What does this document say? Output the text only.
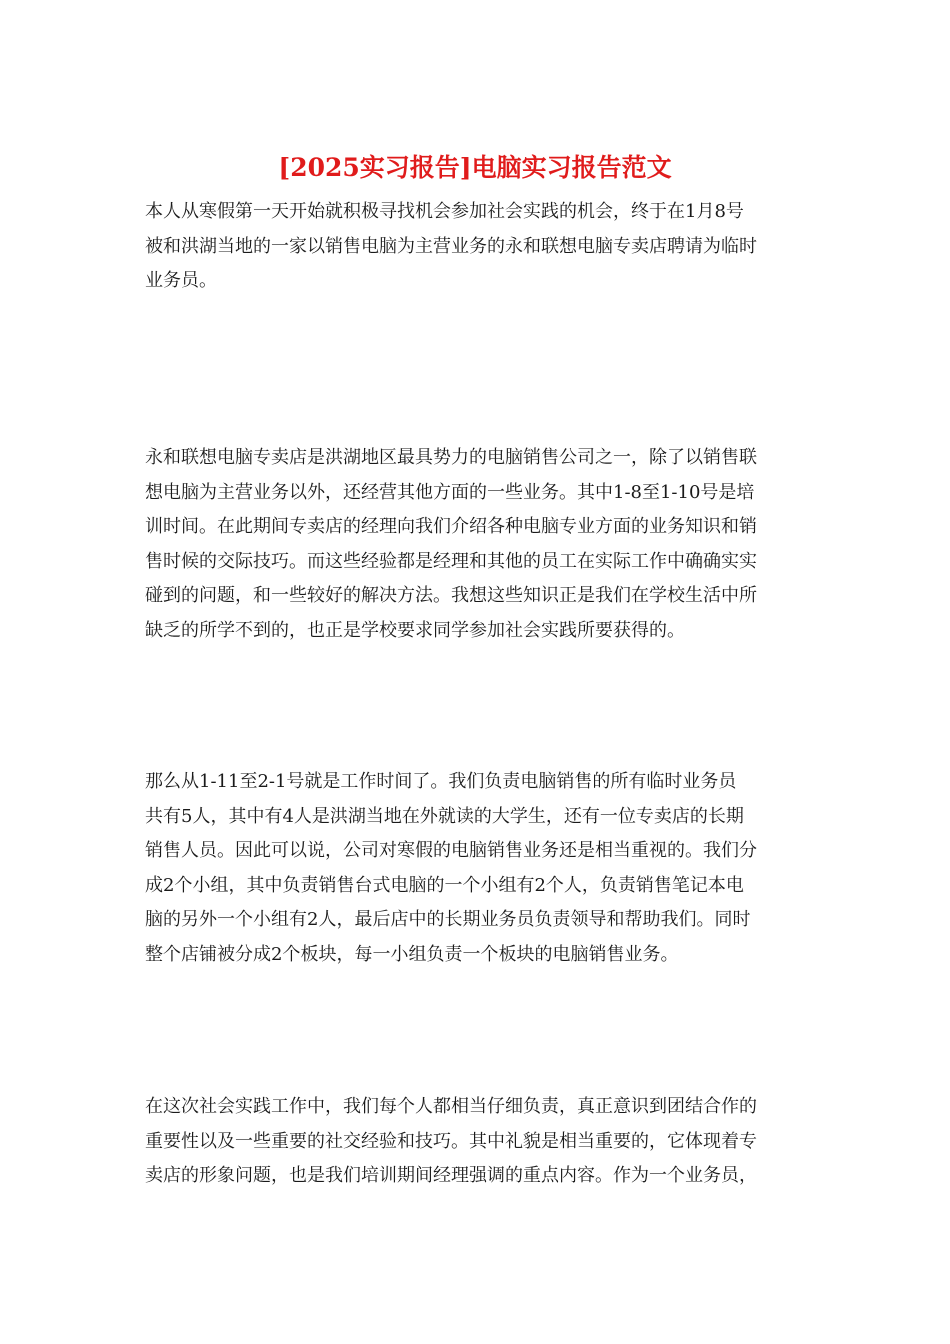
[2025实习报告]电脑实习报告范文
本人从寒假第一天开始就积极寻找机会参加社会实践的机会，终于在1月8号
被和洪湖当地的一家以销售电脑为主营业务的永和联想电脑专卖店聘请为临时
业务员。
永和联想电脑专卖店是洪湖地区最具势力的电脑销售公司之一，除了以销售联
想电脑为主营业务以外，还经营其他方面的一些业务。其中1-8至1-10号是培
训时间。在此期间专卖店的经理向我们介绍各种电脑专业方面的业务知识和销
售时候的交际技巧。而这些经验都是经理和其他的员工在实际工作中确确实实
碰到的问题，和一些较好的解决方法。我想这些知识正是我们在学校生活中所
缺乏的所学不到的，也正是学校要求同学参加社会实践所要获得的。
那么从1-11至2-1号就是工作时间了。我们负责电脑销售的所有临时业务员
共有5人，其中有4人是洪湖当地在外就读的大学生，还有一位专卖店的长期
销售人员。因此可以说，公司对寒假的电脑销售业务还是相当重视的。我们分
成2个小组，其中负责销售台式电脑的一个小组有2个人，负责销售笔记本电
脑的另外一个小组有2人，最后店中的长期业务员负责领导和帮助我们。同时
整个店铺被分成2个板块，每一小组负责一个板块的电脑销售业务。
在这次社会实践工作中，我们每个人都相当仔细负责，真正意识到团结合作的
重要性以及一些重要的社交经验和技巧。其中礼貌是相当重要的，它体现着专
卖店的形象问题，也是我们培训期间经理强调的重点内容。作为一个业务员，
